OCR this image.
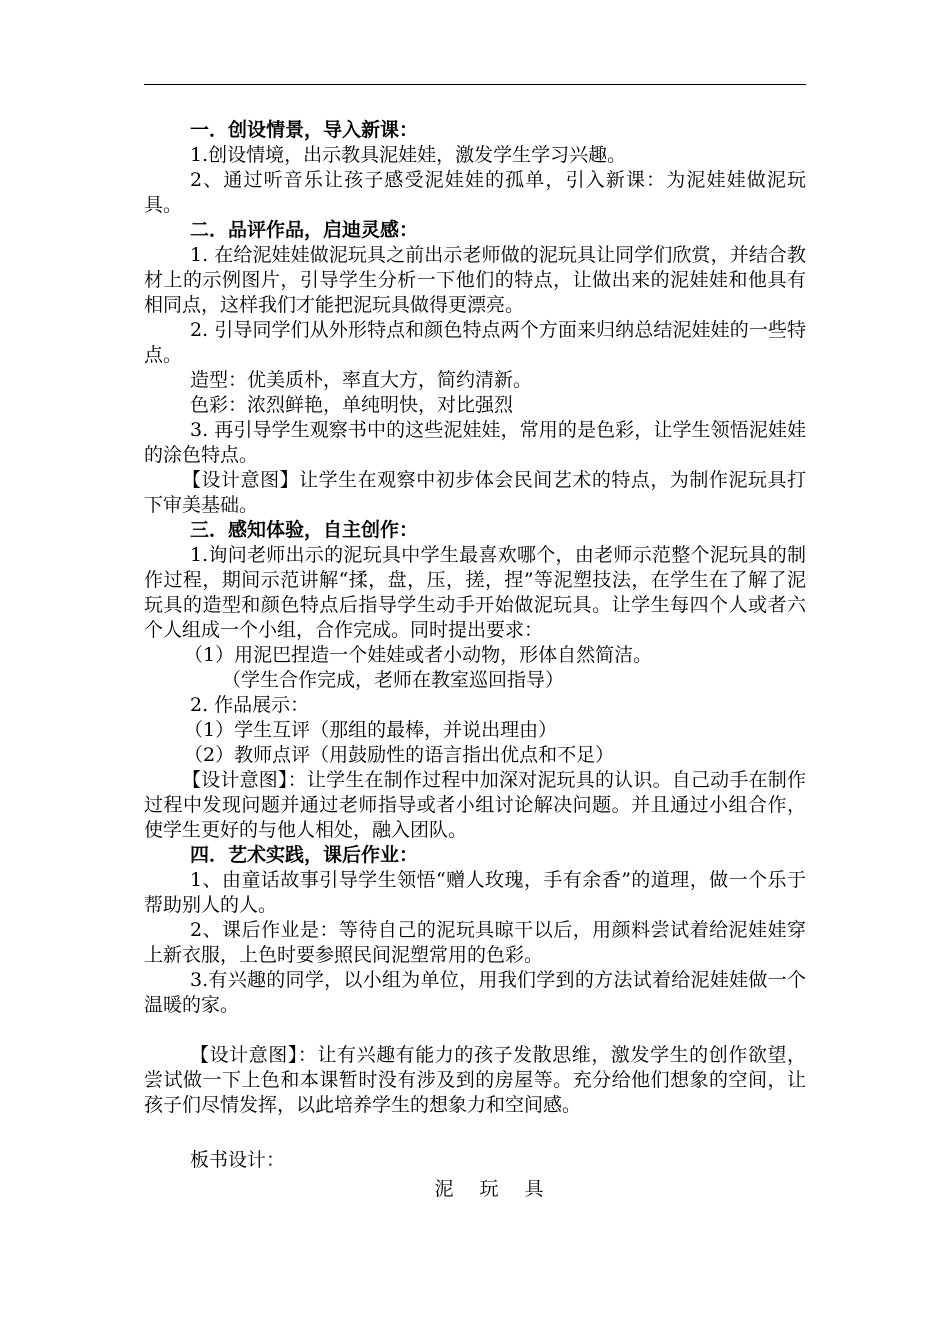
一．创设情景，导入新课：

1.创设情境，出示教具泥娃娃，激发学生学习兴趣。

2、通过听音乐让孩子感受泥娃娃的孤单，引入新课：为泥娃娃做泥玩具。

二．品评作品，启迪灵感：

1. 在给泥娃娃做泥玩具之前出示老师做的泥玩具让同学们欣赏，并结合教材上的示例图片，引导学生分析一下他们的特点，让做出来的泥娃娃和他具有相同点，这样我们才能把泥玩具做得更漂亮。

2. 引导同学们从外形特点和颜色特点两个方面来归纳总结泥娃娃的一些特点。

造型：优美质朴，率直大方，简约清新。

色彩：浓烈鲜艳，单纯明快，对比强烈

3. 再引导学生观察书中的这些泥娃娃，常用的是色彩，让学生领悟泥娃娃的涂色特点。

【设计意图】让学生在观察中初步体会民间艺术的特点，为制作泥玩具打下审美基础。

三．感知体验，自主创作：

1.询问老师出示的泥玩具中学生最喜欢哪个，由老师示范整个泥玩具的制作过程，期间示范讲解“揉，盘，压，搓，捏”等泥塑技法，在学生在了解了泥玩具的造型和颜色特点后指导学生动手开始做泥玩具。让学生每四个人或者六个人组成一个小组，合作完成。同时提出要求：

（1）用泥巴捏造一个娃娃或者小动物，形体自然简洁。

（学生合作完成，老师在教室巡回指导）

2. 作品展示：

（1）学生互评（那组的最棒，并说出理由）

（2）教师点评（用鼓励性的语言指出优点和不足）

【设计意图】：让学生在制作过程中加深对泥玩具的认识。自己动手在制作过程中发现问题并通过老师指导或者小组讨论解决问题。并且通过小组合作，使学生更好的与他人相处，融入团队。

四．艺术实践，课后作业：

1、由童话故事引导学生领悟“赠人玫瑰，手有余香”的道理，做一个乐于帮助别人的人。

2、课后作业是：等待自己的泥玩具晾干以后，用颜料尝试着给泥娃娃穿上新衣服，上色时要参照民间泥塑常用的色彩。

3.有兴趣的同学，以小组为单位，用我们学到的方法试着给泥娃娃做一个温暖的家。

【设计意图】：让有兴趣有能力的孩子发散思维，激发学生的创作欲望，尝试做一下上色和本课暂时没有涉及到的房屋等。充分给他们想象的空间，让孩子们尽情发挥，以此培养学生的想象力和空间感。

板书设计：

泥 玩 具
